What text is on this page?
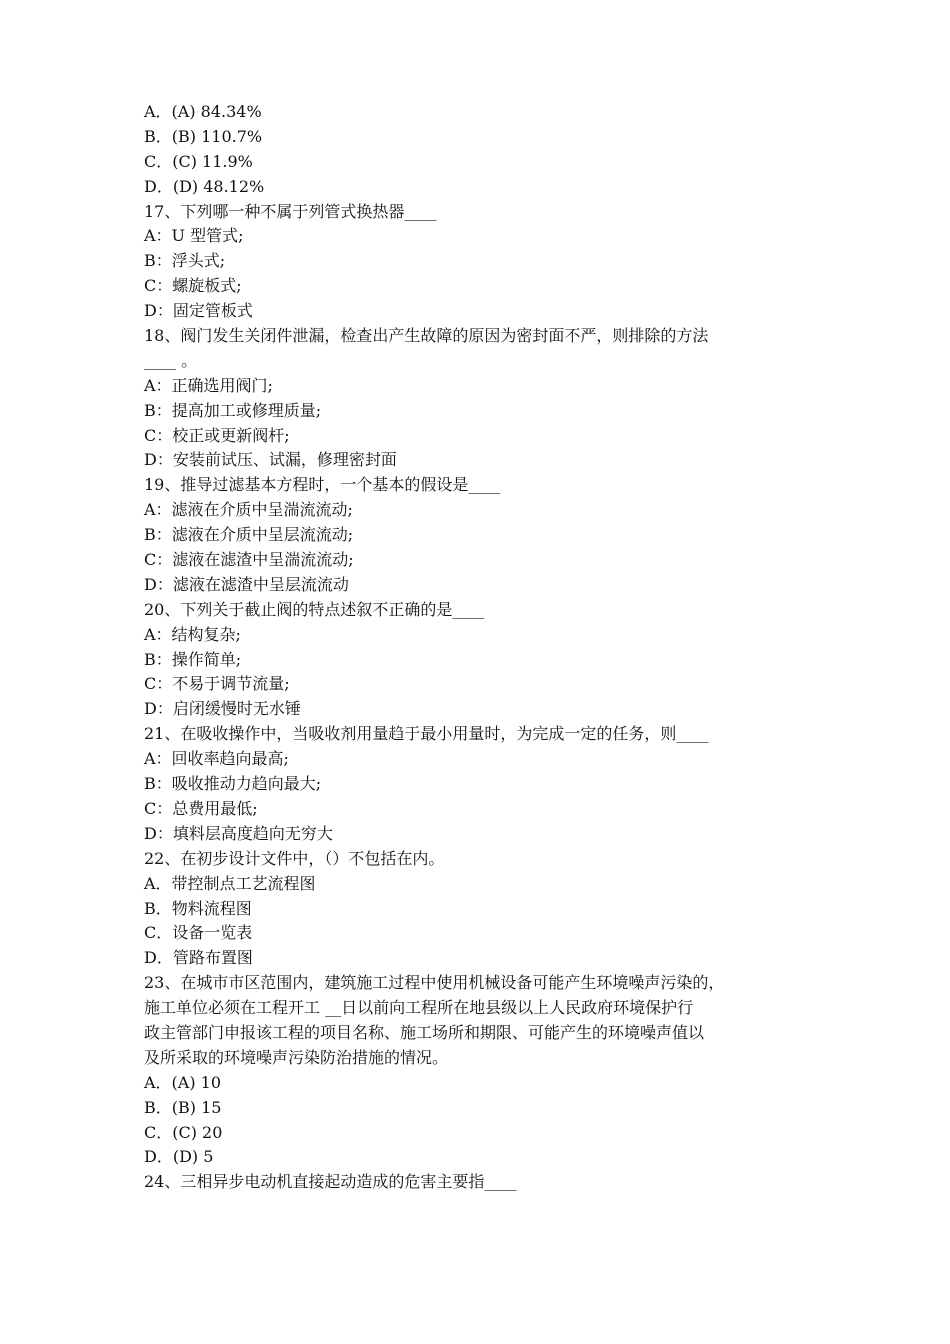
A．(A) 84.34%
B．(B) 110.7%
C．(C) 11.9%
D．(D) 48.12%
17、下列哪一种不属于列管式换热器____
A：U 型管式;
B：浮头式;
C：螺旋板式;
D：固定管板式
18、阀门发生关闭件泄漏，检查出产生故障的原因为密封面不严，则排除的方法
____ 。
A：正确选用阀门;
B：提高加工或修理质量;
C：校正或更新阀杆;
D：安装前试压、试漏，修理密封面
19、推导过滤基本方程时，一个基本的假设是____
A：滤液在介质中呈湍流流动;
B：滤液在介质中呈层流流动;
C：滤液在滤渣中呈湍流流动;
D：滤液在滤渣中呈层流流动
20、下列关于截止阀的特点述叙不正确的是____
A：结构复杂;
B：操作简单;
C：不易于调节流量;
D：启闭缓慢时无水锤
21、在吸收操作中，当吸收剂用量趋于最小用量时，为完成一定的任务，则____
A：回收率趋向最高;
B：吸收推动力趋向最大;
C：总费用最低;
D：填料层高度趋向无穷大
22、在初步设计文件中，（）不包括在内。
A．带控制点工艺流程图
B．物料流程图
C．设备一览表
D．管路布置图
23、在城市市区范围内，建筑施工过程中使用机械设备可能产生环境噪声污染的，
施工单位必须在工程开工 __日以前向工程所在地县级以上人民政府环境保护行
政主管部门申报该工程的项目名称、施工场所和期限、可能产生的环境噪声值以
及所采取的环境噪声污染防治措施的情况。
A．(A) 10
B．(B) 15
C．(C) 20
D．(D) 5
24、三相异步电动机直接起动造成的危害主要指____
